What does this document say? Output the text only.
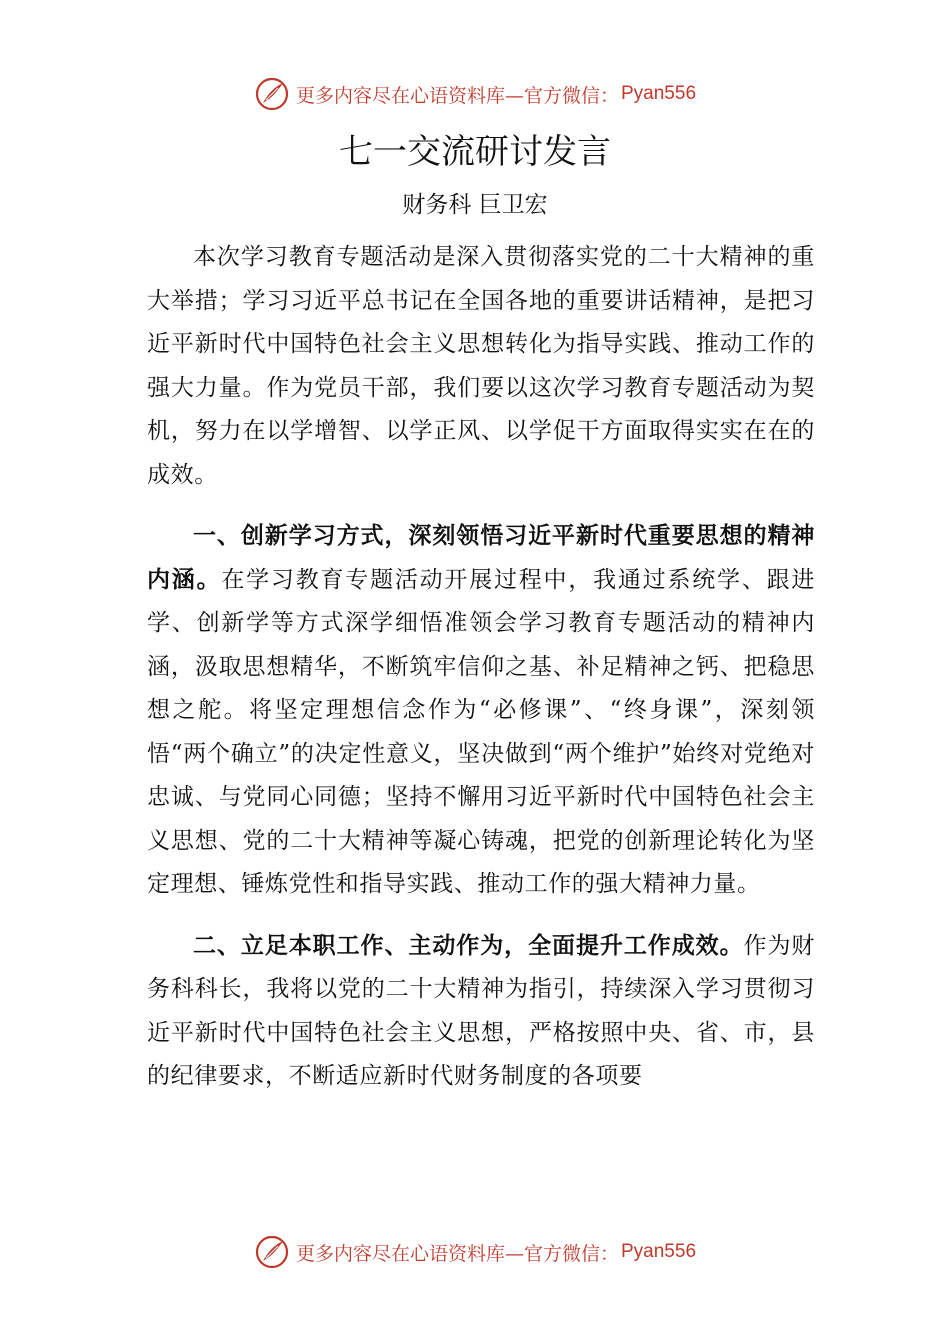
更多内容尽在心语资料库—官方微信： Pyan556
七一交流研讨发言
财务科 巨卫宏

本次学习教育专题活动是深入贯彻落实党的二十大精神的重大举措；学习习近平总书记在全国各地的重要讲话精神，是把习近平新时代中国特色社会主义思想转化为指导实践、推动工作的强大力量。作为党员干部，我们要以这次学习教育专题活动为契机，努力在以学增智、以学正风、以学促干方面取得实实在在的成效。

一、创新学习方式，深刻领悟习近平新时代重要思想的精神内涵。在学习教育专题活动开展过程中，我通过系统学、跟进学、创新学等方式深学细悟准领会学习教育专题活动的精神内涵，汲取思想精华，不断筑牢信仰之基、补足精神之钙、把稳思想之舵。将坚定理想信念作为“必修课”、“终身课”，深刻领悟“两个确立”的决定性意义，坚决做到“两个维护”始终对党绝对忠诚、与党同心同德；坚持不懈用习近平新时代中国特色社会主义思想、党的二十大精神等凝心铸魂，把党的创新理论转化为坚定理想、锤炼党性和指导实践、推动工作的强大精神力量。

二、立足本职工作、主动作为，全面提升工作成效。作为财务科科长，我将以党的二十大精神为指引，持续深入学习贯彻习近平新时代中国特色社会主义思想，严格按照中央、省、市，县的纪律要求，不断适应新时代财务制度的各项要

更多内容尽在心语资料库—官方微信： Pyan556
